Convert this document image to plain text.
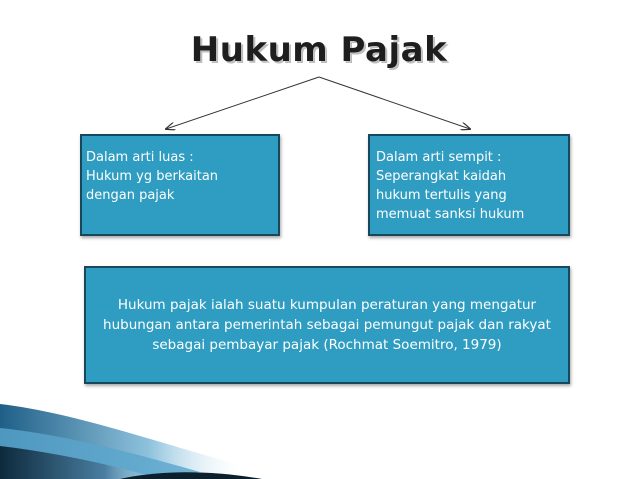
Hukum Pajak
Dalam arti luas :
Hukum yg berkaitan
dengan pajak
Dalam arti sempit :
Seperangkat kaidah
hukum tertulis yang
memuat sanksi hukum
Hukum pajak ialah suatu kumpulan peraturan yang mengatur hubungan antara pemerintah sebagai pemungut pajak dan rakyat sebagai pembayar pajak (Rochmat Soemitro, 1979)
